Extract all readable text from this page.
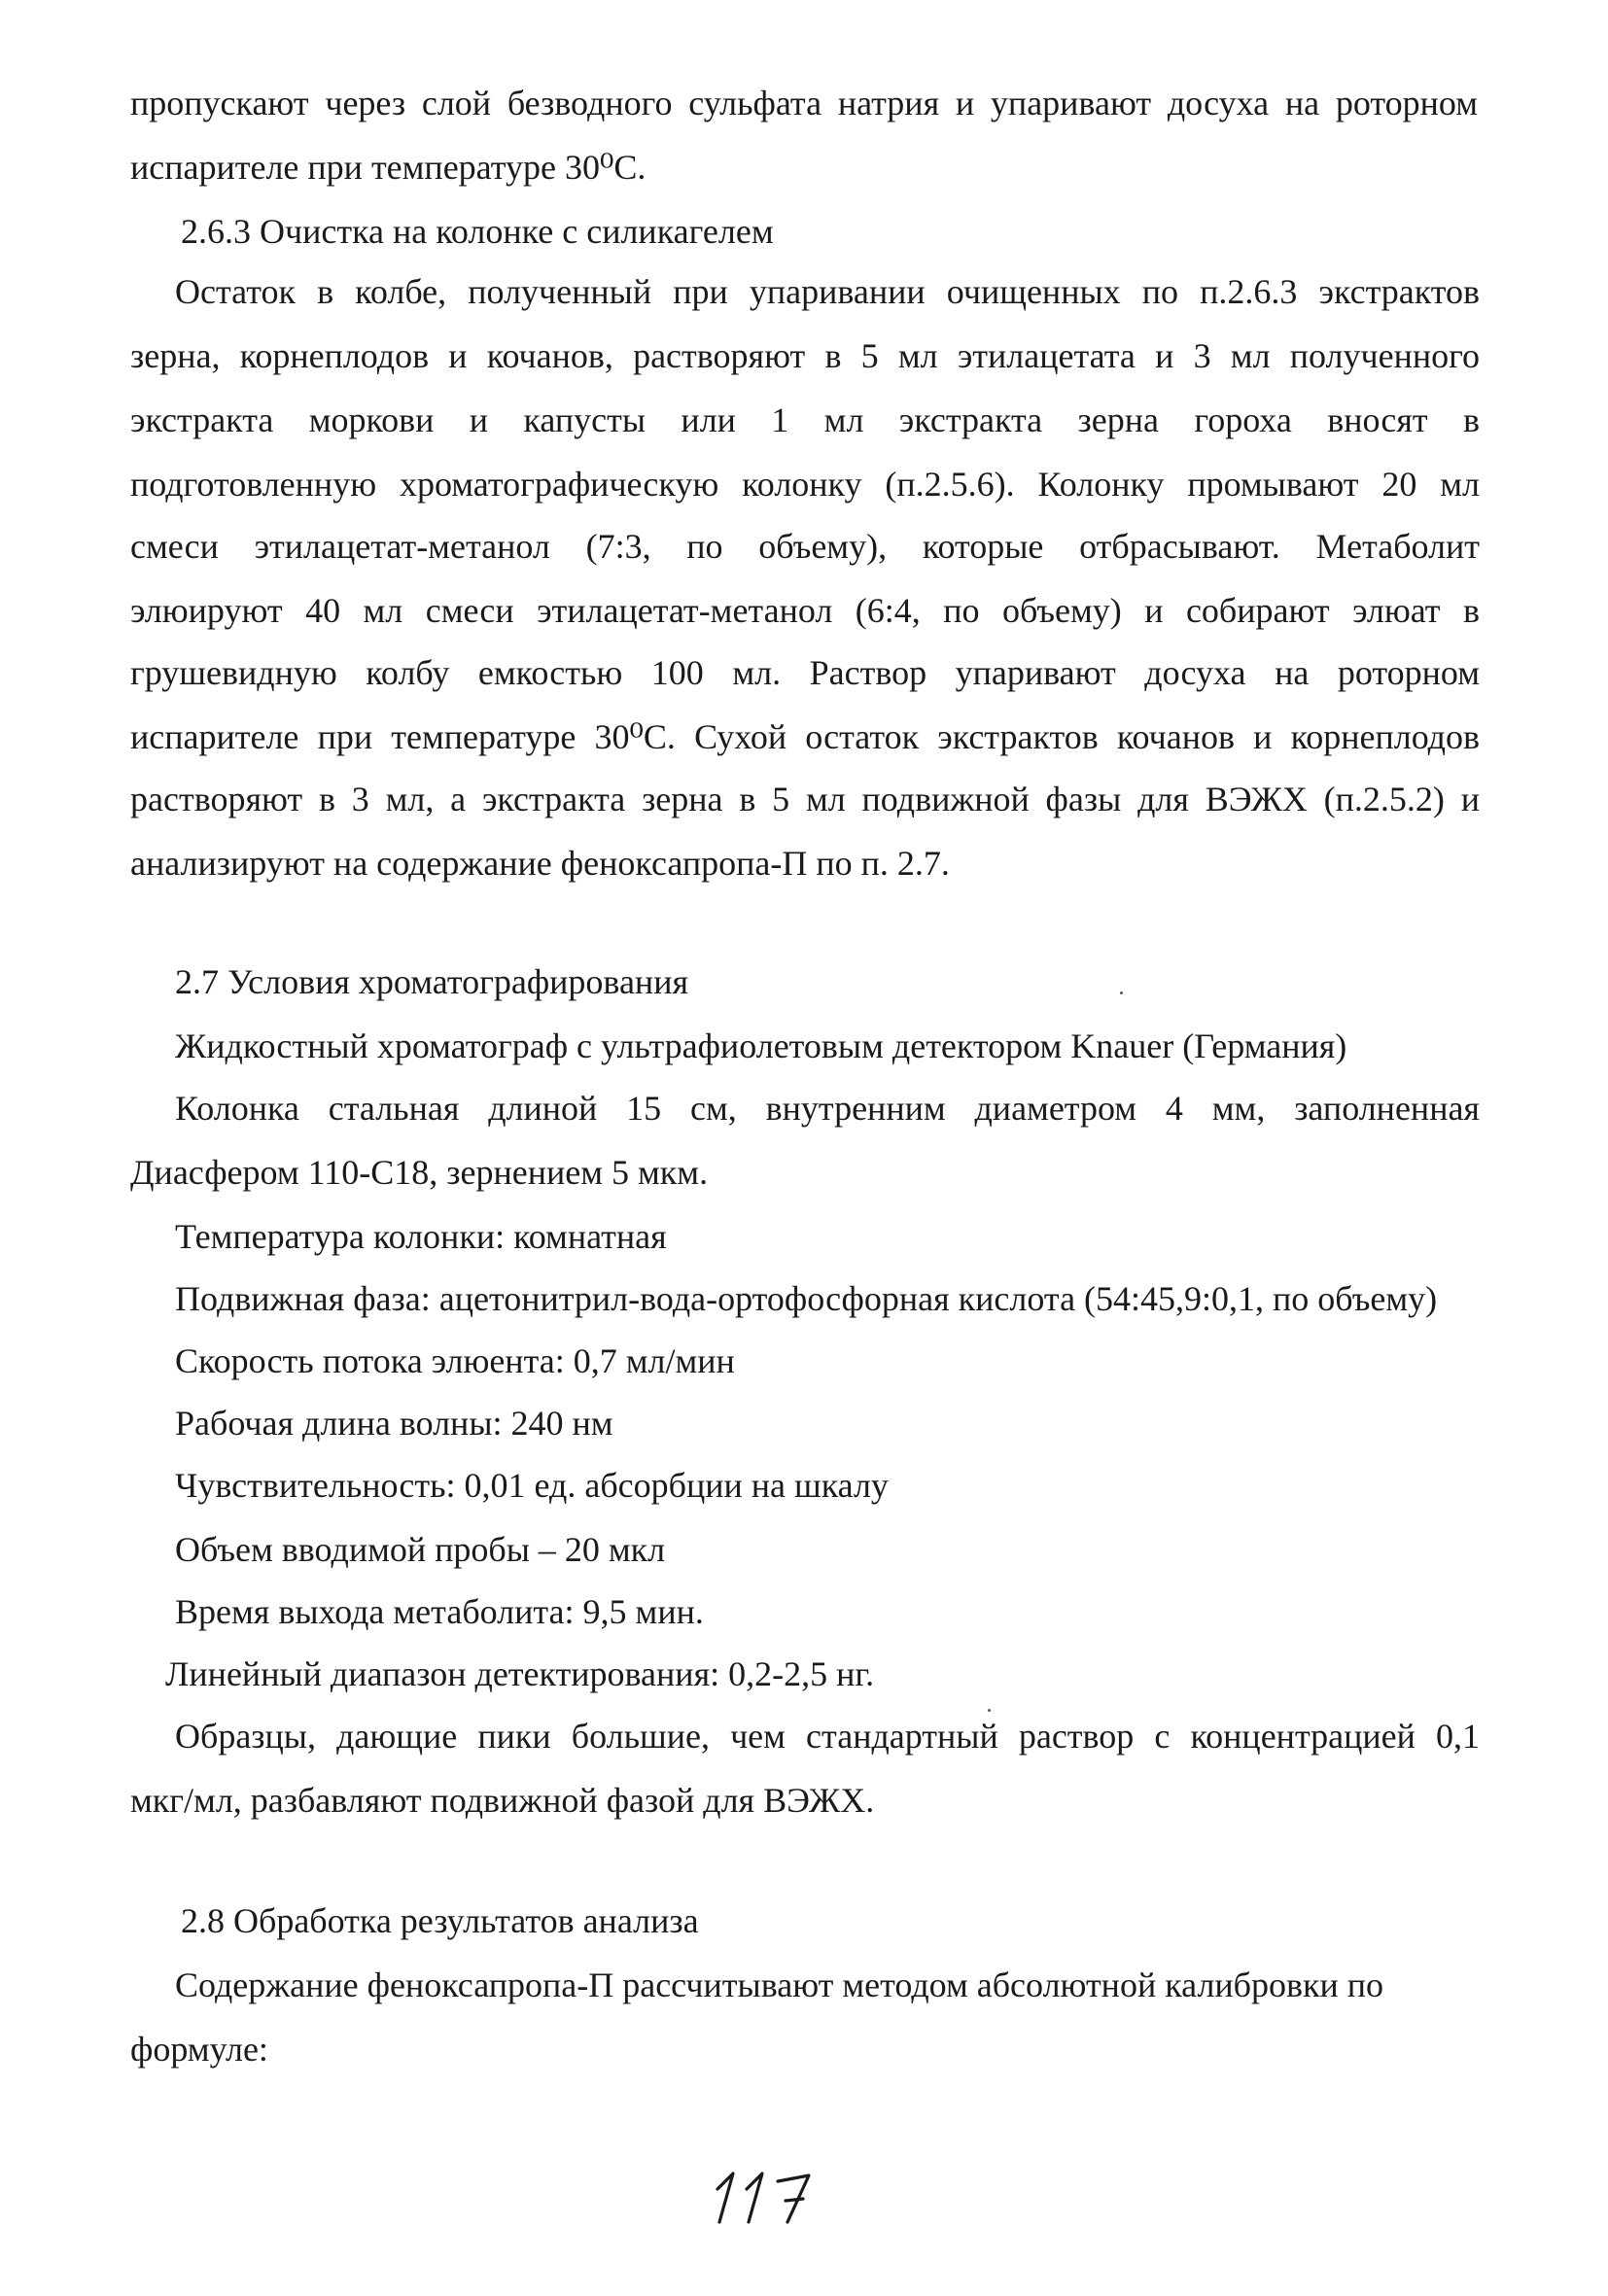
пропускают через слой безводного сульфата натрия и упаривают досуха на роторном
испарителе при температуре 30⁰С.
2.6.3 Очистка на колонке с силикагелем
Остаток в колбе, полученный при упаривании очищенных по п.2.6.3 экстрактов
зерна, корнеплодов и кочанов, растворяют в 5 мл этилацетата и 3 мл полученного
экстракта моркови и капусты или 1 мл экстракта зерна гороха вносят в
подготовленную хроматографическую колонку (п.2.5.6). Колонку промывают 20 мл
смеси этилацетат-метанол (7:3, по объему), которые отбрасывают. Метаболит
элюируют 40 мл смеси этилацетат-метанол (6:4, по объему) и собирают элюат в
грушевидную колбу емкостью 100 мл. Раствор упаривают досуха на роторном
испарителе при температуре 30⁰С. Сухой остаток экстрактов кочанов и корнеплодов
растворяют в 3 мл, а экстракта зерна в 5 мл подвижной фазы для ВЭЖХ (п.2.5.2) и
анализируют на содержание феноксапропа-П по п. 2.7.
2.7 Условия хроматографирования
Жидкостный хроматограф с ультрафиолетовым детектором Knauer (Германия)
Колонка стальная длиной 15 см, внутренним диаметром 4 мм, заполненная
Диасфером 110-С18, зернением 5 мкм.
Температура колонки: комнатная
Подвижная фаза: ацетонитрил-вода-ортофосфорная кислота (54:45,9:0,1, по объему)
Скорость потока элюента: 0,7 мл/мин
Рабочая длина волны: 240 нм
Чувствительность: 0,01 ед. абсорбции на шкалу
Объем вводимой пробы – 20 мкл
Время выхода метаболита: 9,5 мин.
Линейный диапазон детектирования: 0,2-2,5 нг.
Образцы, дающие пики большие, чем стандартный раствор с концентрацией 0,1
мкг/мл, разбавляют подвижной фазой для ВЭЖХ.
2.8 Обработка результатов анализа
Содержание феноксапропа-П рассчитывают методом абсолютной калибровки по
формуле:
